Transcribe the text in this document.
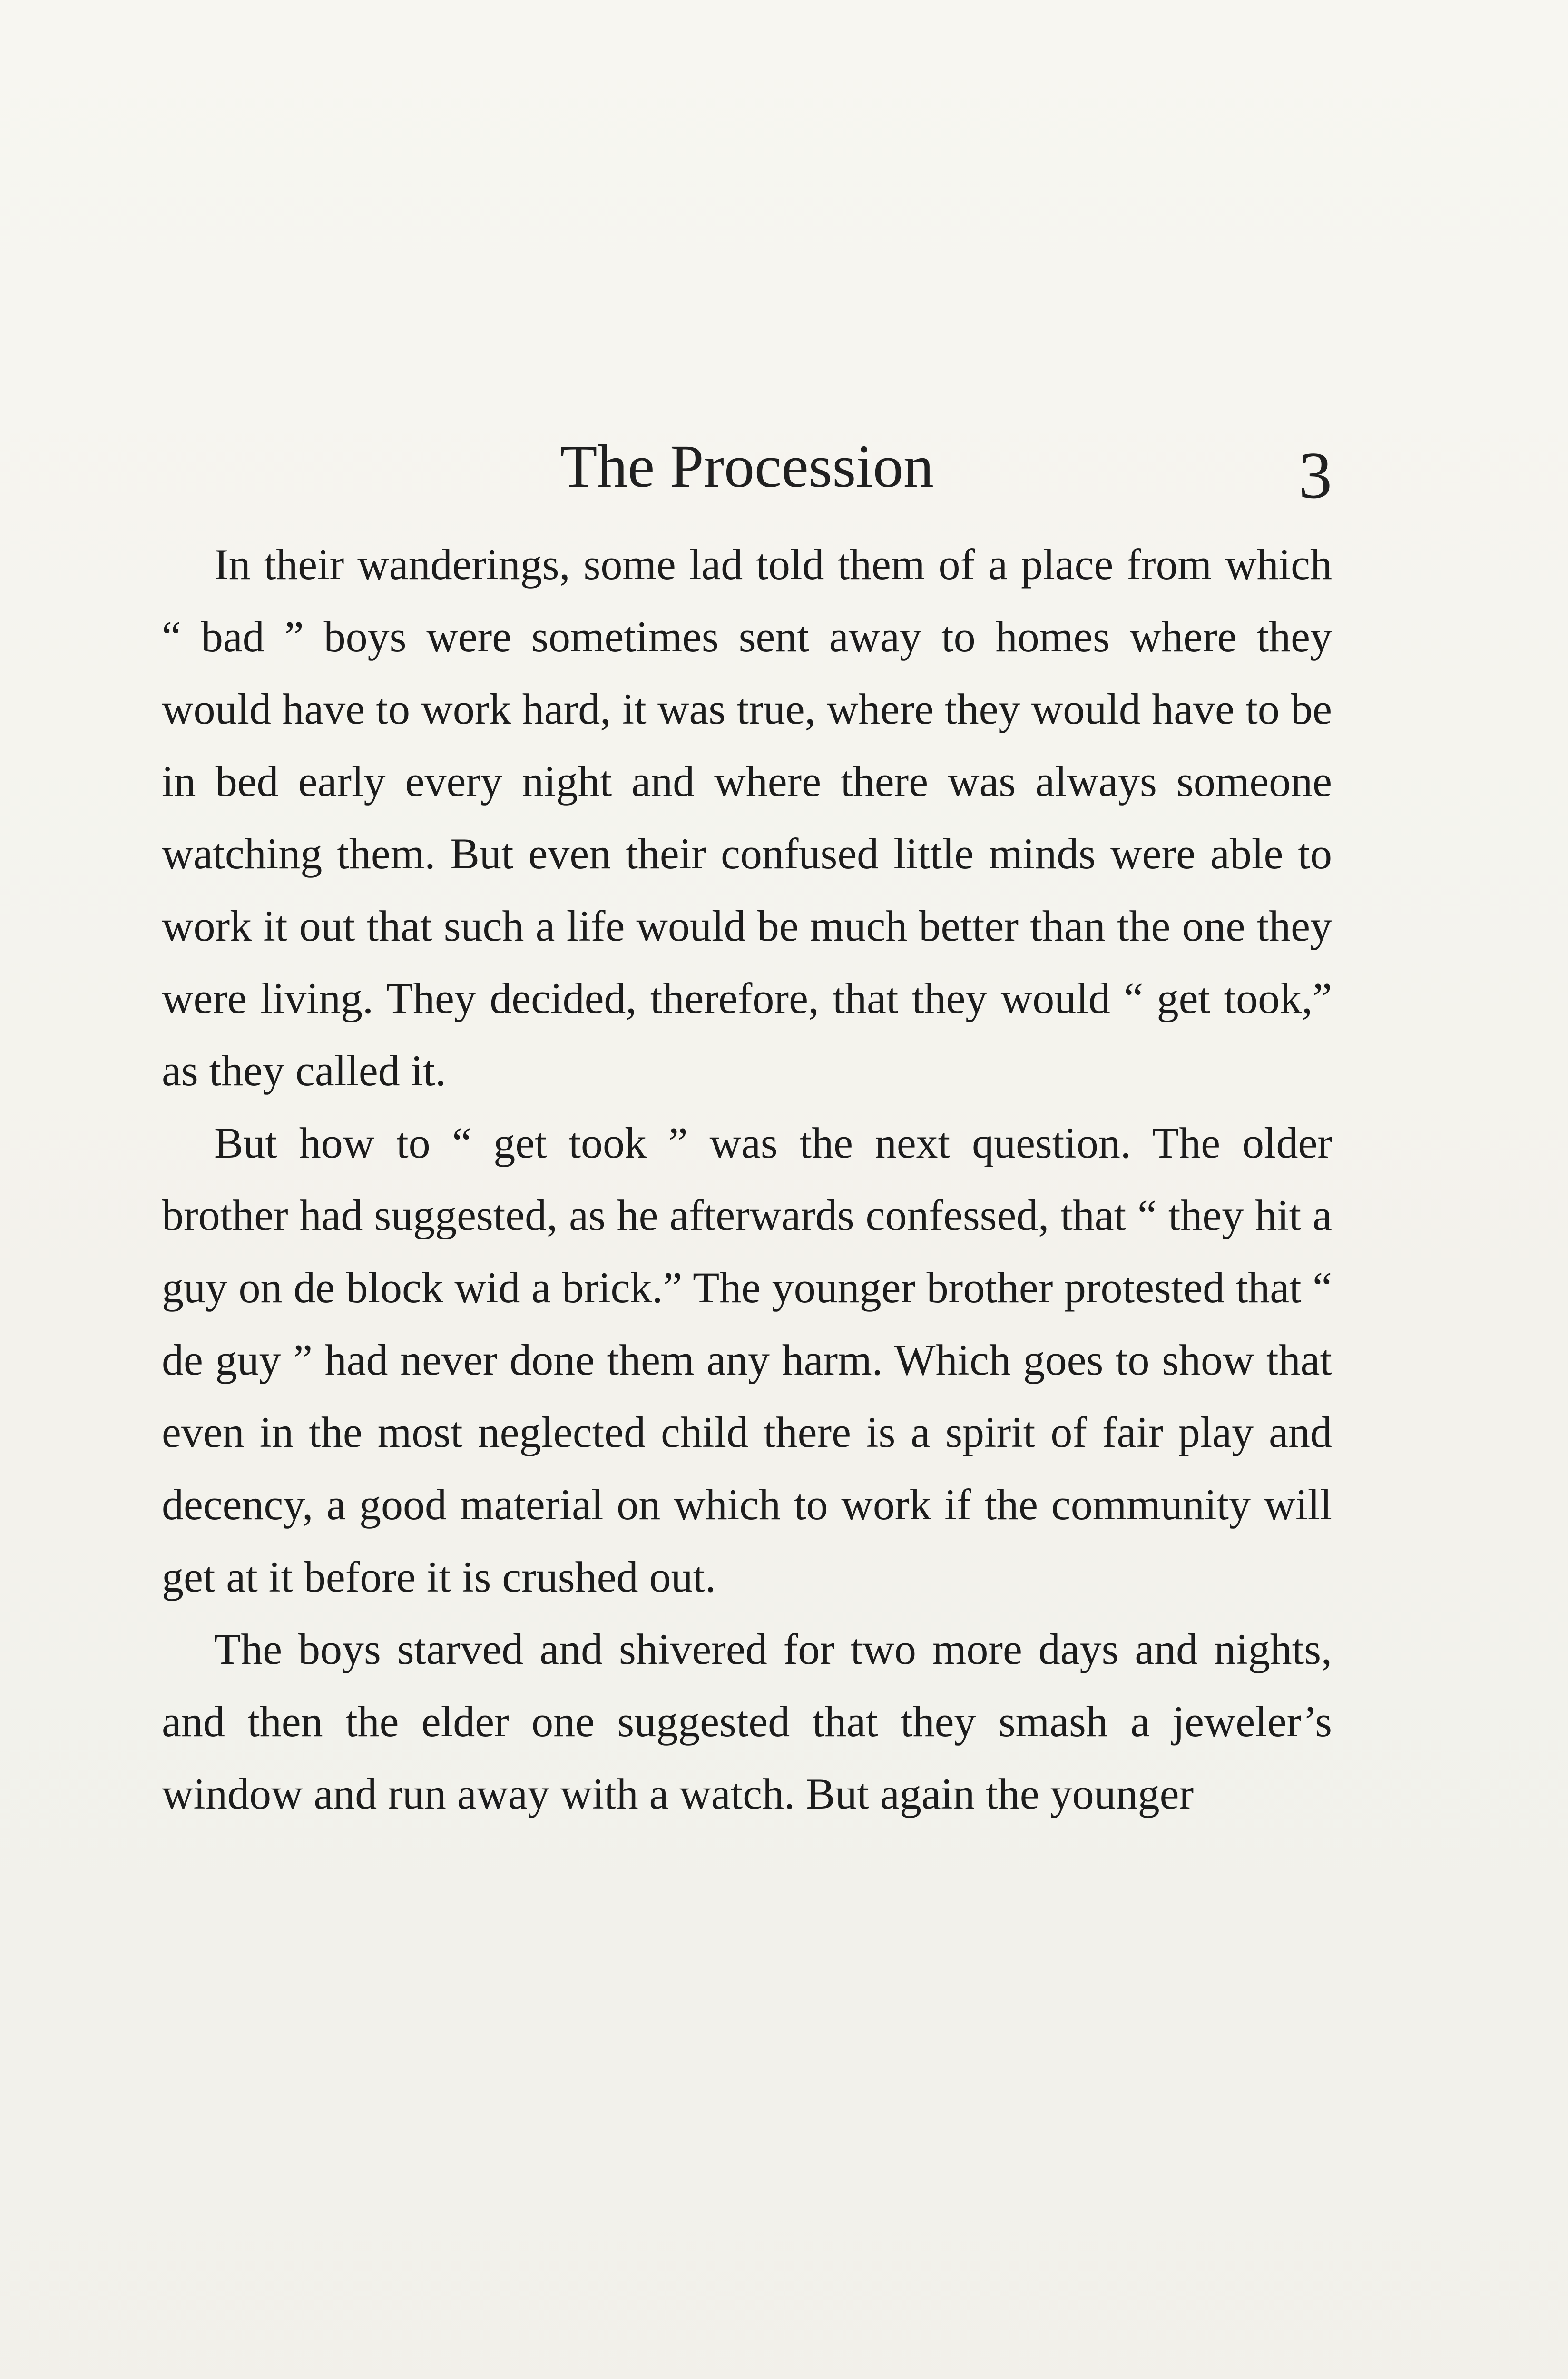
The Procession	3

In their wanderings, some lad told them of a place from which “ bad ” boys were sometimes sent away to homes where they would have to work hard, it was true, where they would have to be in bed early every night and where there was always someone watching them. But even their confused little minds were able to work it out that such a life would be much better than the one they were living. They decided, therefore, that they would “ get took,” as they called it.

But how to “ get took ” was the next question. The older brother had suggested, as he afterwards confessed, that “ they hit a guy on de block wid a brick.” The younger brother protested that “ de guy ” had never done them any harm. Which goes to show that even in the most neglected child there is a spirit of fair play and decency, a good material on which to work if the community will get at it before it is crushed out.

The boys starved and shivered for two more days and nights, and then the elder one suggested that they smash a jeweler’s window and run away with a watch. But again the younger
